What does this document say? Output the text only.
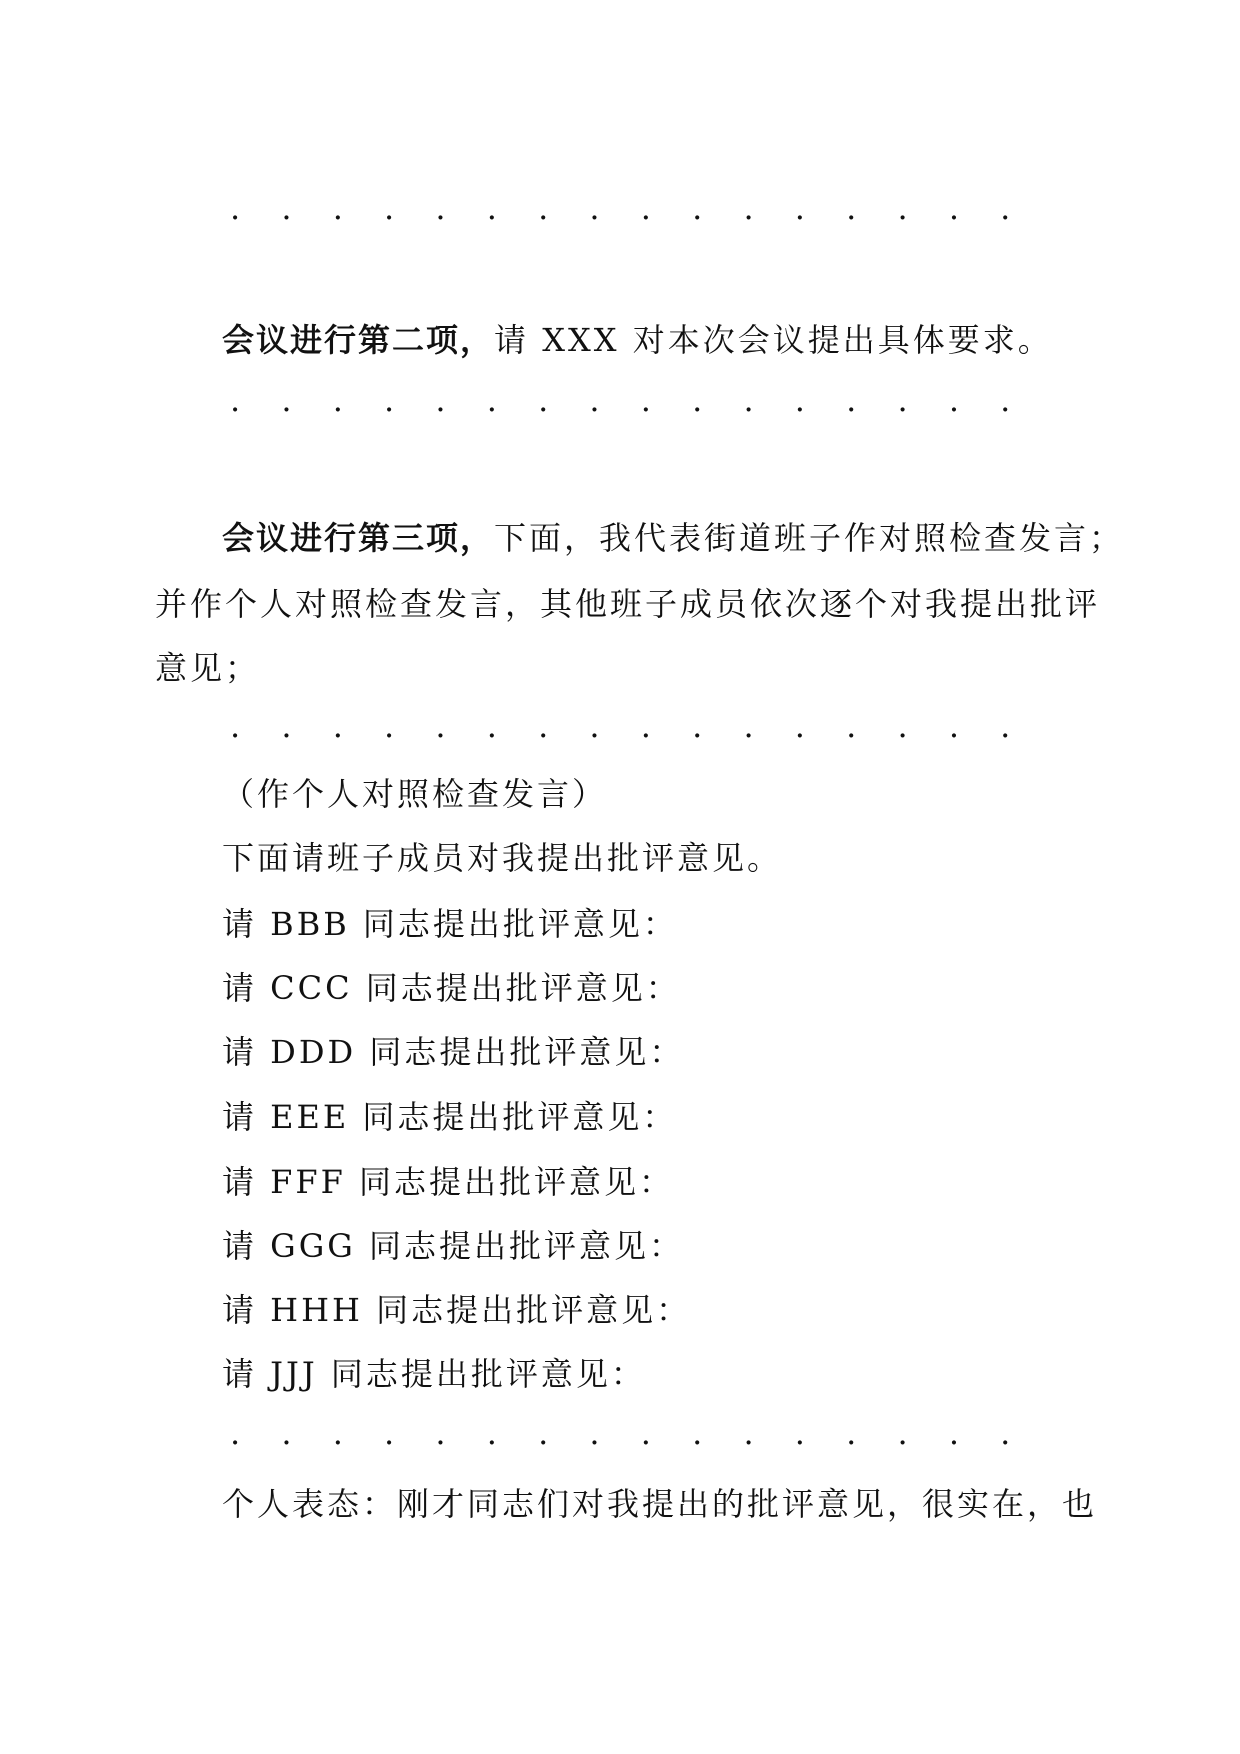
. . . . . . . . . . . . . . . .
会议进行第二项，请 XXX 对本次会议提出具体要求。
. . . . . . . . . . . . . . . .
会议进行第三项，下面，我代表街道班子作对照检查发言；
并作个人对照检查发言，其他班子成员依次逐个对我提出批评
意见；
. . . . . . . . . . . . . . . .
（作个人对照检查发言）
下面请班子成员对我提出批评意见。
请 BBB 同志提出批评意见：
请 CCC 同志提出批评意见：
请 DDD 同志提出批评意见：
请 EEE 同志提出批评意见：
请 FFF 同志提出批评意见：
请 GGG 同志提出批评意见：
请 HHH 同志提出批评意见：
请 JJJ 同志提出批评意见：
. . . . . . . . . . . . . . . .
个人表态：刚才同志们对我提出的批评意见，很实在，也
